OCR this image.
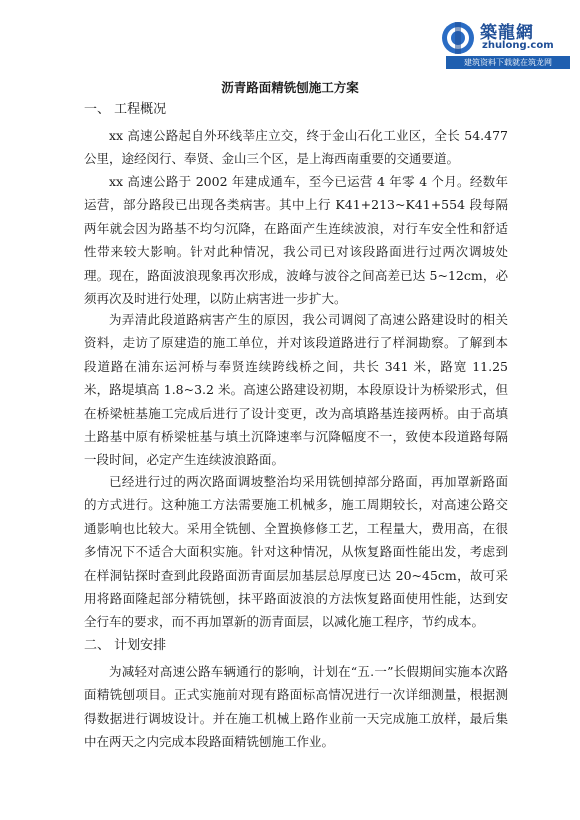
築龍網
zhulong.com
建筑资料下载就在筑龙网
沥青路面精铣刨施工方案
一、 工程概况

xx 高速公路起自外环线莘庄立交，终于金山石化工业区，全长 54.477 公里，途经闵行、奉贤、金山三个区，是上海西南重要的交通要道。

xx 高速公路于 2002 年建成通车，至今已运营 4 年零 4 个月。经数年运营，部分路段已出现各类病害。其中上行 K41+213~K41+554 段每隔两年就会因为路基不均匀沉降，在路面产生连续波浪，对行车安全性和舒适性带来较大影响。针对此种情况，我公司已对该段路面进行过两次调坡处理。现在，路面波浪现象再次形成，波峰与波谷之间高差已达 5~12cm，必须再次及时进行处理，以防止病害进一步扩大。

为弄清此段道路病害产生的原因，我公司调阅了高速公路建设时的相关资料，走访了原建造的施工单位，并对该段道路进行了样洞勘察。了解到本段道路在浦东运河桥与奉贤连续跨线桥之间，共长 341 米，路宽 11.25 米，路堤填高 1.8~3.2 米。高速公路建设初期，本段原设计为桥梁形式，但在桥梁桩基施工完成后进行了设计变更，改为高填路基连接两桥。由于高填土路基中原有桥梁桩基与填土沉降速率与沉降幅度不一，致使本段道路每隔一段时间，必定产生连续波浪路面。

已经进行过的两次路面调坡整治均采用铣刨掉部分路面，再加罩新路面的方式进行。这种施工方法需要施工机械多，施工周期较长，对高速公路交通影响也比较大。采用全铣刨、全置换修修工艺，工程量大，费用高，在很多情况下不适合大面积实施。针对这种情况，从恢复路面性能出发，考虑到在样洞钻探时查到此段路面沥青面层加基层总厚度已达 20~45cm，故可采用将路面隆起部分精铣刨，抹平路面波浪的方法恢复路面使用性能，达到安全行车的要求，而不再加罩新的沥青面层，以减化施工程序，节约成本。

二、 计划安排

为减轻对高速公路车辆通行的影响，计划在“五.一”长假期间实施本次路面精铣刨项目。正式实施前对现有路面标高情况进行一次详细测量，根据测得数据进行调坡设计。并在施工机械上路作业前一天完成施工放样，最后集中在两天之内完成本段路面精铣刨施工作业。
